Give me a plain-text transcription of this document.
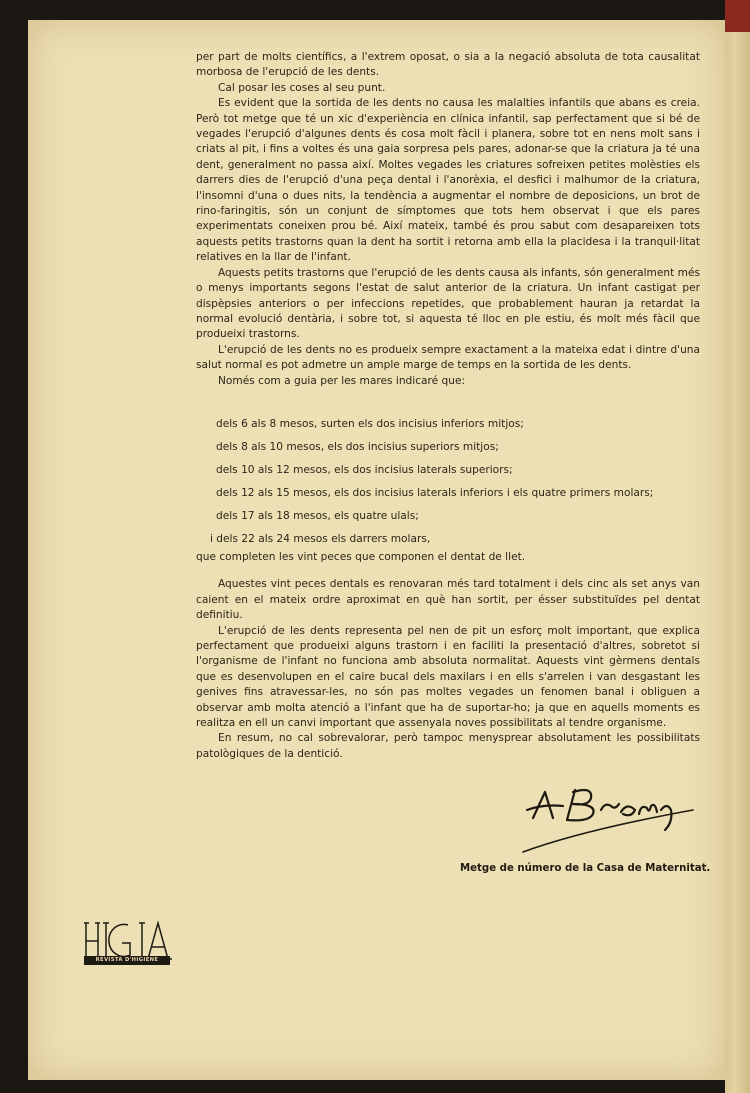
per part de molts científics, a l'extrem oposat, o sia a la negació absoluta de tota causalitat morbosa de l'erupció de les dents.

Cal posar les coses al seu punt.

Es evident que la sortida de les dents no causa les malalties infantils que abans es creia. Però tot metge que té un xic d'experiència en clínica infantil, sap perfectament que si bé de vegades l'erupció d'algunes dents és cosa molt fàcil i planera, sobre tot en nens molt sans i criats al pit, i fins a voltes és una gaia sorpresa pels pares, adonar-se que la criatura ja té una dent, generalment no passa així. Moltes vegades les criatures sofreixen petites molèsties els darrers dies de l'erupció d'una peça dental i l'anorèxia, el desfici i malhumor de la criatura, l'insomni d'una o dues nits, la tendència a augmentar el nombre de deposicions, un brot de rino-faringitis, són un conjunt de símptomes que tots hem observat i que els pares experimentats coneixen prou bé. Així mateix, també és prou sabut com desapareixen tots aquests petits trastorns quan la dent ha sortit i retorna amb ella la placidesa i la tranquil·litat relatives en la llar de l'infant.

Aquests petits trastorns que l'erupció de les dents causa als infants, són generalment més o menys importants segons l'estat de salut anterior de la criatura. Un infant castigat per dispèpsies anteriors o per infeccions repetides, que probablement hauran ja retardat la normal evolució dentària, i sobre tot, si aquesta té lloc en ple estiu, és molt més fàcil que produeixi trastorns.

L'erupció de les dents no es produeix sempre exactament a la mateixa edat i dintre d'una salut normal es pot admetre un ample marge de temps en la sortida de les dents.

Només com a guia per les mares indicaré que:

dels 6 als 8 mesos, surten els dos incisius inferiors mitjos;
dels 8 als 10 mesos, els dos incisius superiors mitjos;
dels 10 als 12 mesos, els dos incisius laterals superiors;
dels 12 als 15 mesos, els dos incisius laterals inferiors i els quatre primers molars;
dels 17 als 18 mesos, els quatre ulals;
i dels 22 als 24 mesos els darrers molars,

que completen les vint peces que componen el dentat de llet.

Aquestes vint peces dentals es renovaran més tard totalment i dels cinc als set anys van caient en el mateix ordre aproximat en què han sortit, per ésser substituïdes pel dentat definitiu.

L'erupció de les dents representa pel nen de pit un esforç molt important, que explica perfectament que produeixi alguns trastorn i en faciliti la presentació d'altres, sobretot si l'organisme de l'infant no funciona amb absoluta normalitat. Aquests vint gèrmens dentals que es desenvolupen en el caire bucal dels maxilars i en ells s'arrelen i van desgastant les genives fins atravessar-les, no són pas moltes vegades un fenomen banal i obliguen a observar amb molta atenció a l'infant que ha de suportar-ho; ja que en aquells moments es realitza en ell un canvi important que assenyala noves possibilitats al tendre organisme.

En resum, no cal sobrevalorar, però tampoc menysprear absolutament les possibilitats patològiques de la dentició.

Metge de número de la Casa de Maternitat.
REVISTA D'HIGIENE
